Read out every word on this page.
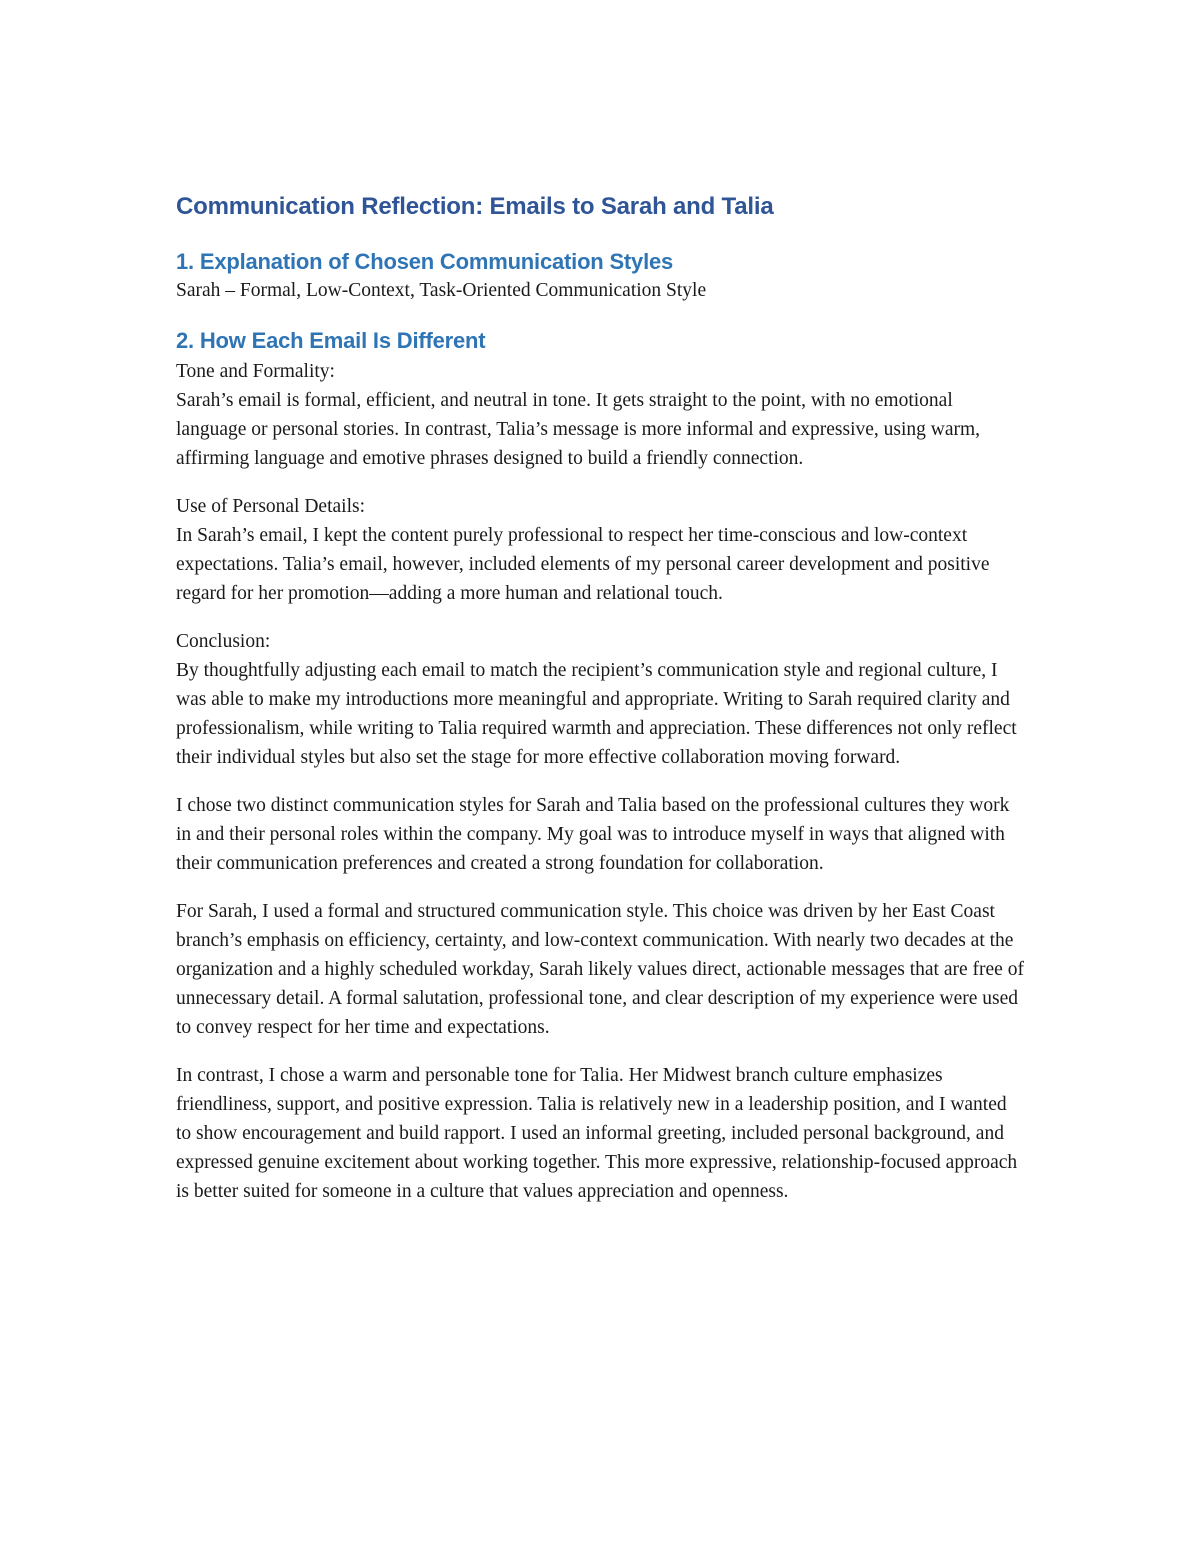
Communication Reflection: Emails to Sarah and Talia
1. Explanation of Chosen Communication Styles

Sarah – Formal, Low-Context, Task-Oriented Communication Style

2. How Each Email Is Different
Tone and Formality:
Sarah’s email is formal, efficient, and neutral in tone. It gets straight to the point, with no emotional language or personal stories. In contrast, Talia’s message is more informal and expressive, using warm, affirming language and emotive phrases designed to build a friendly connection.
Use of Personal Details:
In Sarah’s email, I kept the content purely professional to respect her time-conscious and low-context expectations. Talia’s email, however, included elements of my personal career development and positive regard for her promotion—adding a more human and relational touch.
Conclusion:
By thoughtfully adjusting each email to match the recipient’s communication style and regional culture, I was able to make my introductions more meaningful and appropriate. Writing to Sarah required clarity and professionalism, while writing to Talia required warmth and appreciation. These differences not only reflect their individual styles but also set the stage for more effective collaboration moving forward.

I chose two distinct communication styles for Sarah and Talia based on the professional cultures they work in and their personal roles within the company. My goal was to introduce myself in ways that aligned with their communication preferences and created a strong foundation for collaboration.

For Sarah, I used a formal and structured communication style. This choice was driven by her East Coast branch’s emphasis on efficiency, certainty, and low-context communication. With nearly two decades at the organization and a highly scheduled workday, Sarah likely values direct, actionable messages that are free of unnecessary detail. A formal salutation, professional tone, and clear description of my experience were used to convey respect for her time and expectations.

In contrast, I chose a warm and personable tone for Talia. Her Midwest branch culture emphasizes friendliness, support, and positive expression. Talia is relatively new in a leadership position, and I wanted to show encouragement and build rapport. I used an informal greeting, included personal background, and expressed genuine excitement about working together. This more expressive, relationship-focused approach is better suited for someone in a culture that values appreciation and openness.
